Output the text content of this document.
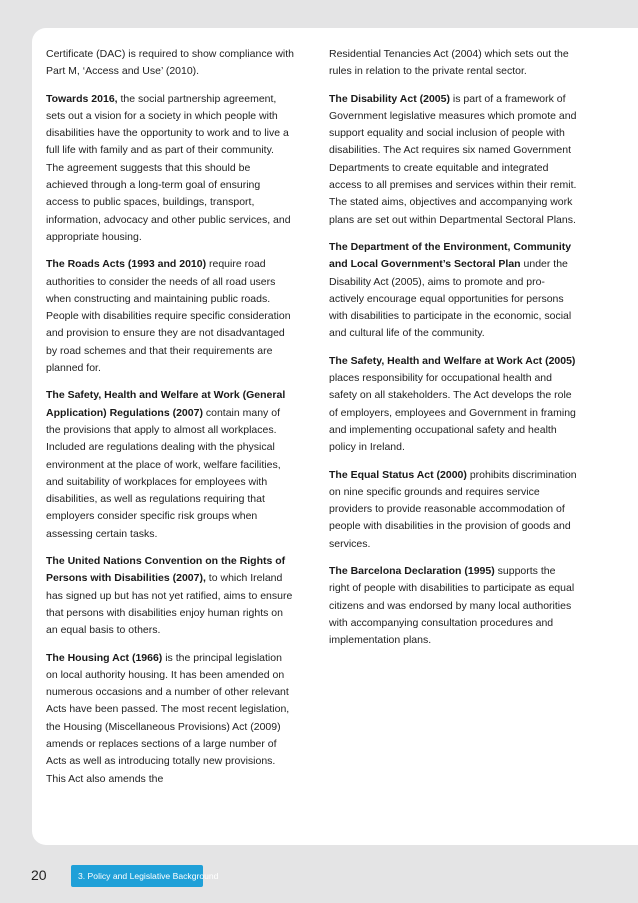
Certificate (DAC) is required to show compliance with Part M, ‘Access and Use’ (2010).

Towards 2016, the social partnership agreement, sets out a vision for a society in which people with disabilities have the opportunity to work and to live a full life with family and as part of their community. The agreement suggests that this should be achieved through a long-term goal of ensuring access to public spaces, buildings, transport, information, advocacy and other public services, and appropriate housing.

The Roads Acts (1993 and 2010) require road authorities to consider the needs of all road users when constructing and maintaining public roads. People with disabilities require specific consideration and provision to ensure they are not disadvantaged by road schemes and that their requirements are planned for.

The Safety, Health and Welfare at Work (General Application) Regulations (2007) contain many of the provisions that apply to almost all workplaces. Included are regulations dealing with the physical environment at the place of work, welfare facilities, and suitability of workplaces for employees with disabilities, as well as regulations requiring that employers consider specific risk groups when assessing certain tasks.

The United Nations Convention on the Rights of Persons with Disabilities (2007), to which Ireland has signed up but has not yet ratified, aims to ensure that persons with disabilities enjoy human rights on an equal basis to others.

The Housing Act (1966) is the principal legislation on local authority housing. It has been amended on numerous occasions and a number of other relevant Acts have been passed. The most recent legislation, the Housing (Miscellaneous Provisions) Act (2009) amends or replaces sections of a large number of Acts as well as introducing totally new provisions. This Act also amends the

Residential Tenancies Act (2004) which sets out the rules in relation to the private rental sector.

The Disability Act (2005) is part of a framework of Government legislative measures which promote and support equality and social inclusion of people with disabilities. The Act requires six named Government Departments to create equitable and integrated access to all premises and services within their remit. The stated aims, objectives and accompanying work plans are set out within Departmental Sectoral Plans.

The Department of the Environment, Community and Local Government’s Sectoral Plan under the Disability Act (2005), aims to promote and pro-actively encourage equal opportunities for persons with disabilities to participate in the economic, social and cultural life of the community.

The Safety, Health and Welfare at Work Act (2005) places responsibility for occupational health and safety on all stakeholders. The Act develops the role of employers, employees and Government in framing and implementing occupational safety and health policy in Ireland.

The Equal Status Act (2000) prohibits discrimination on nine specific grounds and requires service providers to provide reasonable accommodation of people with disabilities in the provision of goods and services.

The Barcelona Declaration (1995) supports the right of people with disabilities to participate as equal citizens and was endorsed by many local authorities with accompanying consultation procedures and implementation plans.

20	3. Policy and Legislative Background
